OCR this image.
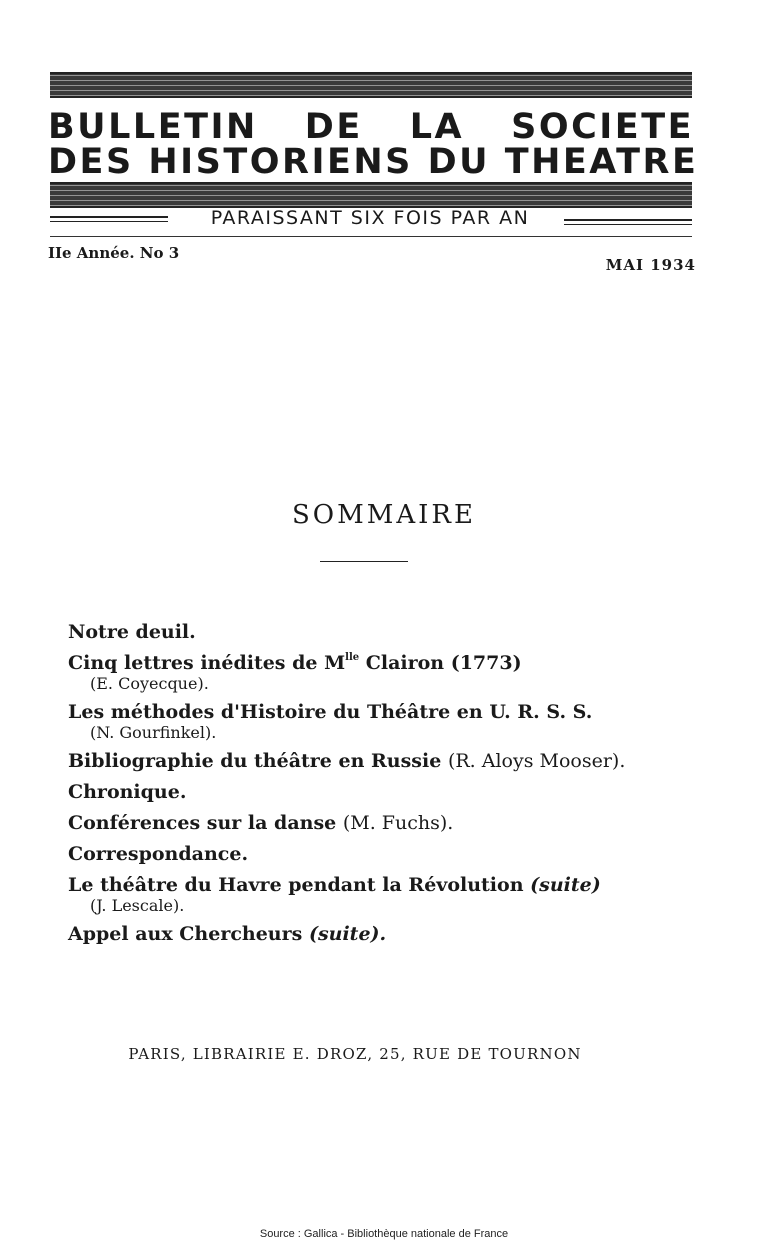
BULLETIN DE LA SOCIETE
DES HISTORIENS DU THEATRE
PARAISSANT SIX FOIS PAR AN
IIe Année. No 3
MAI 1934
SOMMAIRE
Notre deuil.
Cinq lettres inédites de $M^{lle}$ Clairon (1773)
(E. Coyecque).
Les méthodes d'Histoire du Théâtre en U. R. S. S.
(N. Gourfinkel).
Bibliographie du théâtre en Russie (R. Aloys Mooser).
Chronique.
Conférences sur la danse (M. Fuchs).
Correspondance.
Le théâtre du Havre pendant la Révolution (suite)
(J. Lescale).
Appel aux Chercheurs (suite).
PARIS, LIBRAIRIE E. DROZ, 25, RUE DE TOURNON
Source : Gallica - Bibliothèque nationale de France
